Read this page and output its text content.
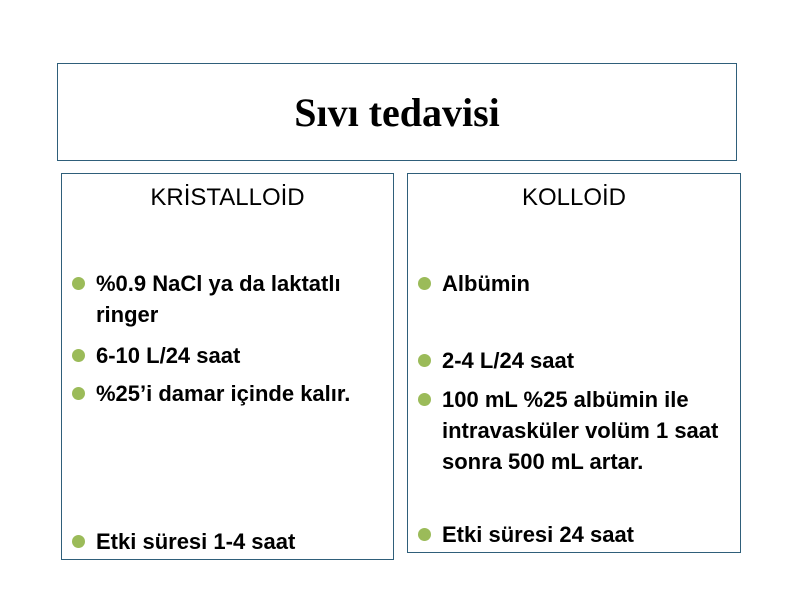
Sıvı tedavisi
KRİSTALLOİD
%0.9 NaCl ya da laktatlı ringer
6-10 L/24 saat
%25’i damar içinde kalır.
Etki süresi 1-4 saat
KOLLOİD
Albümin
2-4 L/24 saat
100 mL %25 albümin ile intravasküler volüm 1 saat sonra 500 mL artar.
Etki süresi 24 saat
